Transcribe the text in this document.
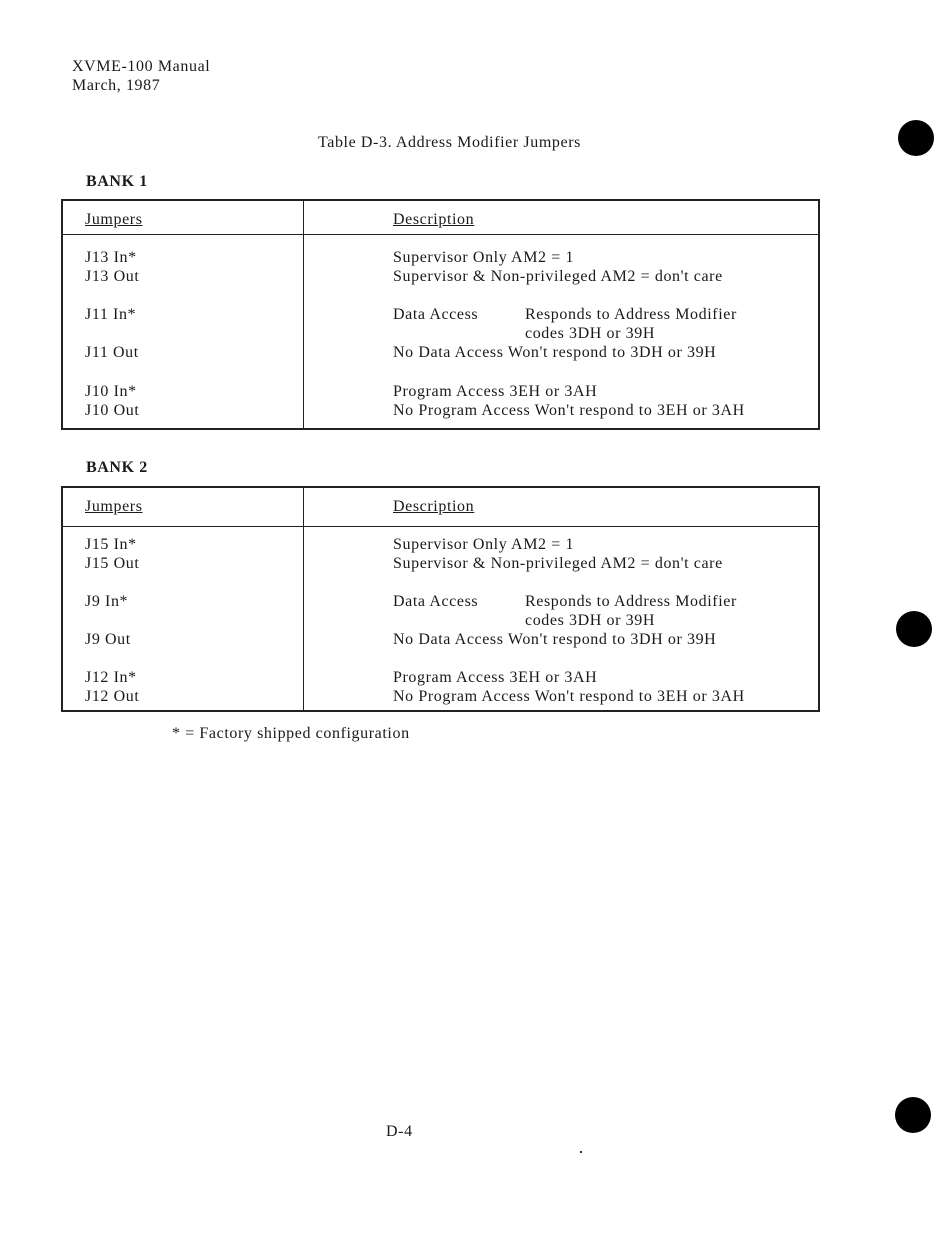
XVME-100 Manual
March, 1987
Table D-3. Address Modifier Jumpers
BANK 1
Jumpers	Description
J13 In*	Supervisor Only AM2 = 1
J13 Out	Supervisor & Non-privileged AM2 = don't care
J11 In*	Data Access	Responds to Address Modifier
codes 3DH or 39H
J11 Out	No Data Access Won't respond to 3DH or 39H
J10 In*	Program Access 3EH or 3AH
J10 Out	No Program Access Won't respond to 3EH or 3AH
BANK 2
Jumpers	Description
J15 In*	Supervisor Only AM2 = 1
J15 Out	Supervisor & Non-privileged AM2 = don't care
J9 In*	Data Access	Responds to Address Modifier
codes 3DH or 39H
J9 Out	No Data Access Won't respond to 3DH or 39H
J12 In*	Program Access 3EH or 3AH
J12 Out	No Program Access Won't respond to 3EH or 3AH
* = Factory shipped configuration
D-4
